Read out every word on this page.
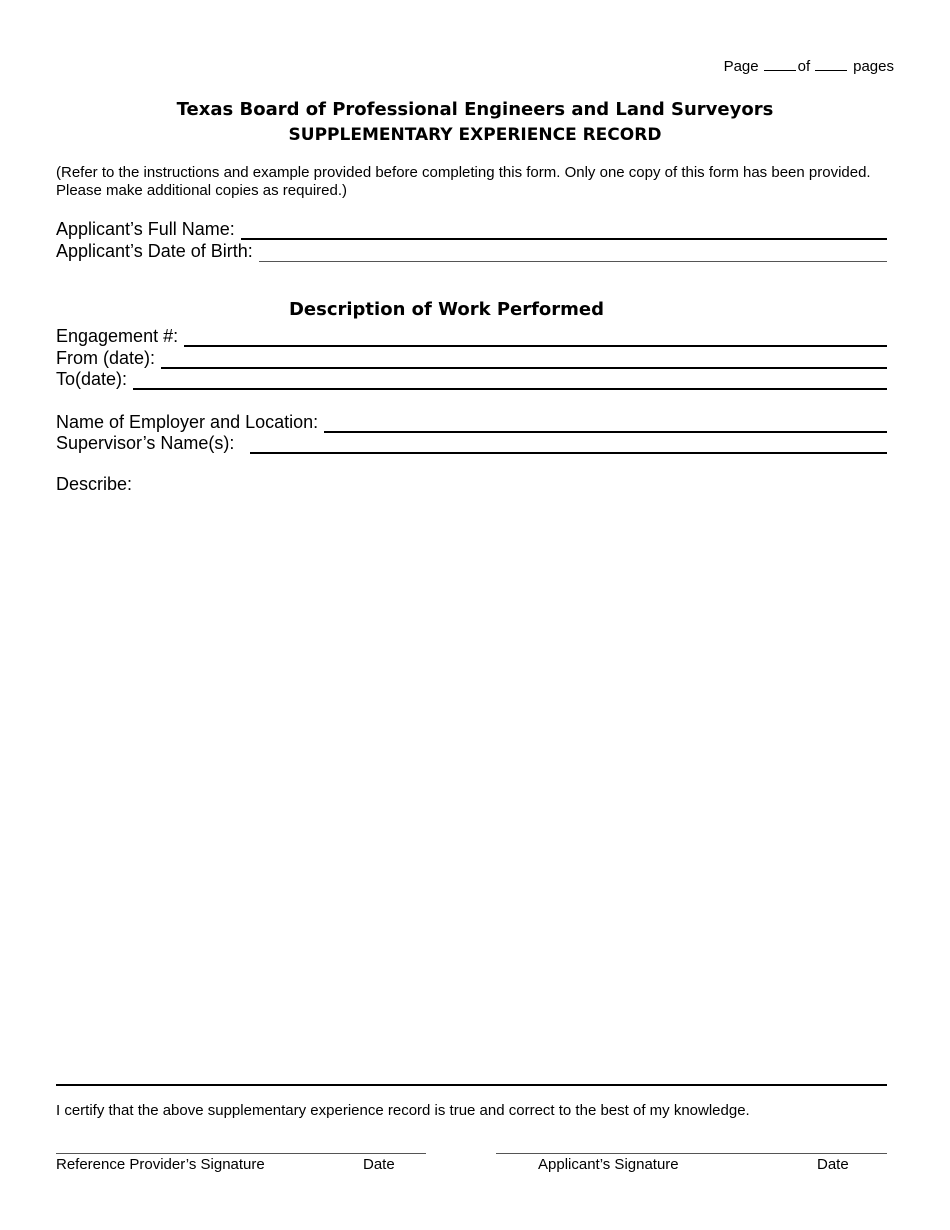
Page	of	pages
Texas Board of Professional Engineers and Land Surveyors
SUPPLEMENTARY EXPERIENCE RECORD
(Refer to the instructions and example provided before completing this form. Only one copy of this form has been provided. Please make additional copies as required.)
Applicant’s Full Name:
Applicant’s Date of Birth:
Description of Work Performed
Engagement #:
From (date):
To(date):
Name of Employer and Location:
Supervisor’s Name(s):
Describe:
I certify that the above supplementary experience record is true and correct to the best of my knowledge.
Reference Provider’s Signature	Date	Applicant’s Signature	Date
